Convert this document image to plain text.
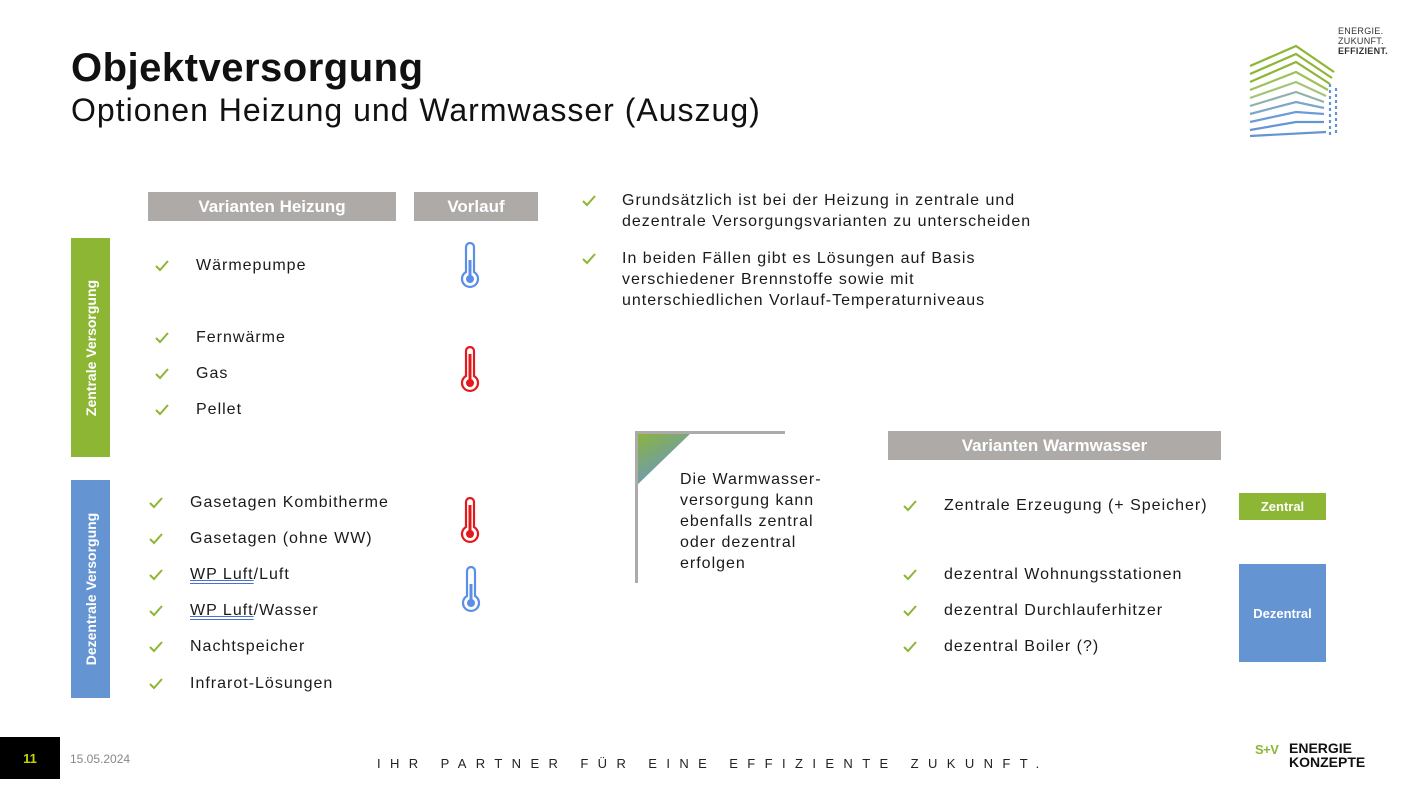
Objektversorgung
Optionen Heizung und Warmwasser (Auszug)
ENERGIE.
ZUKUNFT.
EFFIZIENT.
Varianten Heizung	Vorlauf
Zentrale Versorgung
Dezentrale Versorgung
Wärmepumpe
Fernwärme
Gas
Pellet
Gasetagen Kombitherme
Gasetagen (ohne WW)
WP Luft/Luft
WP Luft/Wasser
Nachtspeicher
Infrarot-Lösungen
Grundsätzlich ist bei der Heizung in zentrale und dezentrale Versorgungsvarianten zu unterscheiden
In beiden Fällen gibt es Lösungen auf Basis verschiedener Brennstoffe sowie mit unterschiedlichen Vorlauf-Temperaturniveaus
Die Warmwasser-versorgung kann ebenfalls zentral oder dezentral erfolgen
Varianten Warmwasser
Zentrale Erzeugung (+ Speicher)
dezentral Wohnungsstationen
dezentral Durchlauferhitzer
dezentral Boiler (?)
Zentral
Dezentral
11	15.05.2024	IHR PARTNER FÜR EINE EFFIZIENTE ZUKUNFT.
S+V ENERGIE
KONZEPTE
